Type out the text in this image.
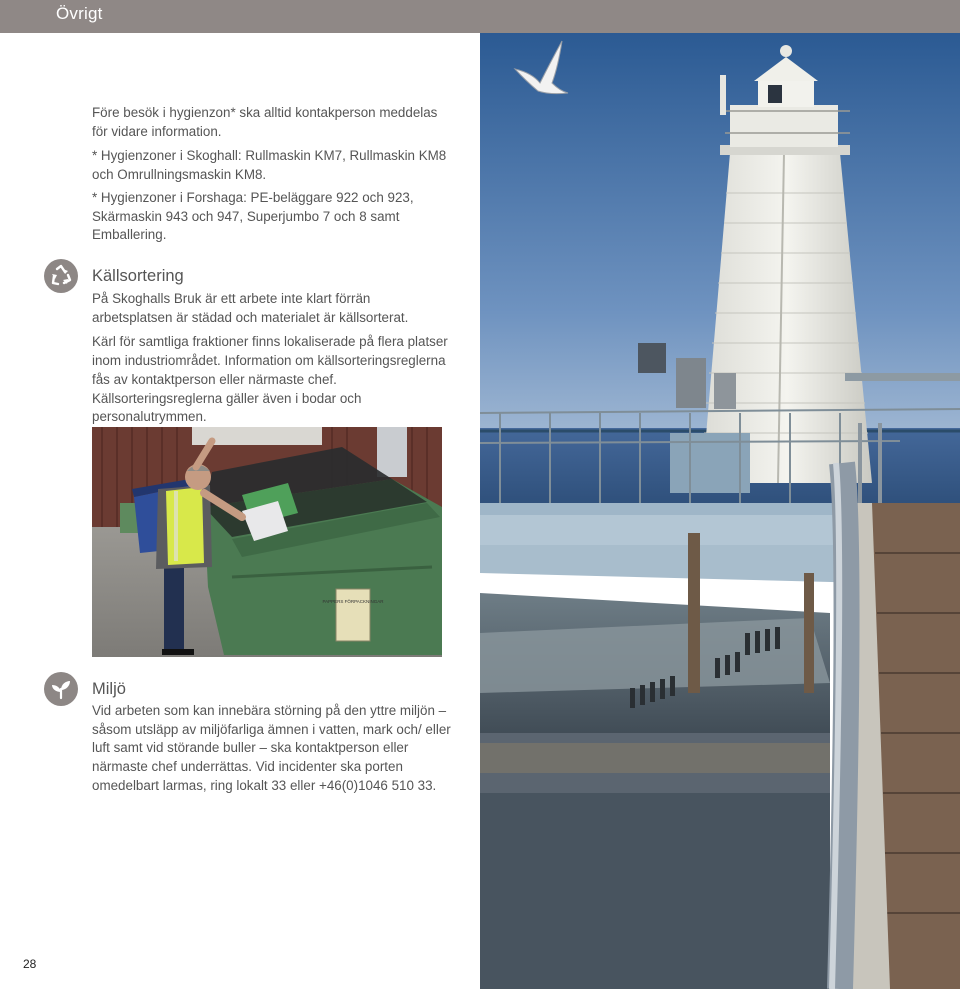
Övrigt

Före besök i hygienzon* ska alltid kontakperson meddelas för vidare information.

* Hygienzoner i Skoghall: Rullmaskin KM7, Rullmaskin KM8 och Omrullningsmaskin KM8.

* Hygienzoner i Forshaga: PE-beläggare 922 och 923, Skärmaskin 943 och 947, Superjumbo 7 och 8 samt Emballering.

Källsortering

På Skoghalls Bruk är ett arbete inte klart förrän arbetsplatsen är städad och materialet är källsorterat.

Kärl för samtliga fraktioner finns lokaliserade på flera platser inom industriområdet. Information om källsorteringsreglerna fås av kontaktperson eller närmaste chef. Källsorteringsreglerna gäller även i bodar och personalutrymmen.

PAPPERS FÖRPACKNINGAR
Miljö

Vid arbeten som kan innebära störning på den yttre miljön – såsom utsläpp av miljöfarliga ämnen i vatten, mark och/ eller luft samt vid störande buller – ska kontaktperson eller närmaste chef underrättas. Vid incidenter ska porten omedelbart larmas, ring lokalt 33 eller +46(0)1046 510 33.

28
